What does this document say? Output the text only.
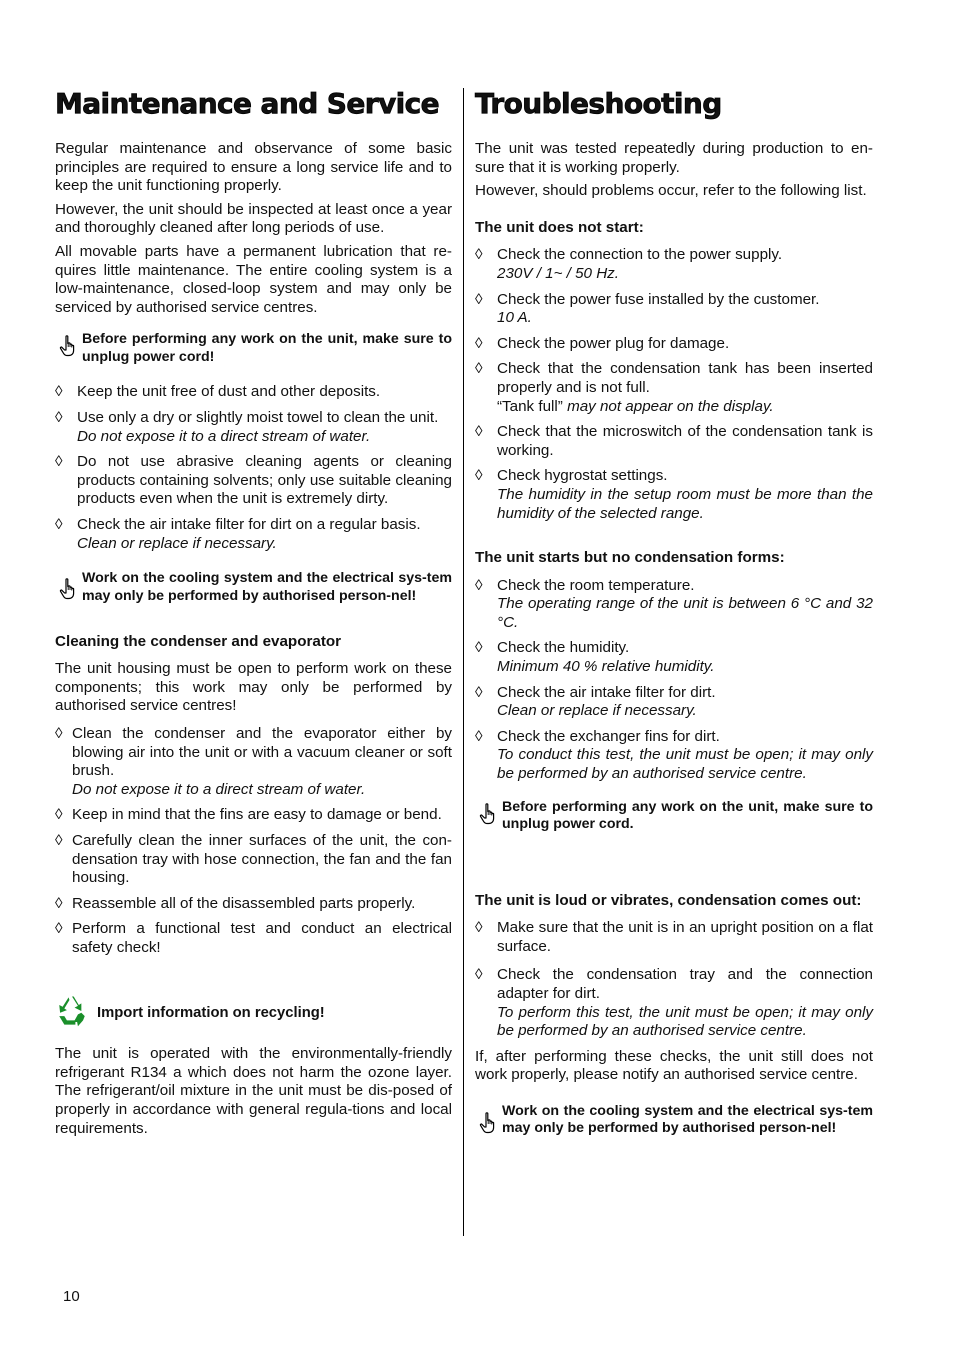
Maintenance and Service

Regular maintenance and observance of some basic principles are required to ensure a long service life and to keep the unit functioning properly.

However, the unit should be inspected at least once a year and thoroughly cleaned after long periods of use.

All movable parts have a permanent lubrication that re-quires little maintenance. The entire cooling system is a low-maintenance, closed-loop system and may only be serviced by authorised service centres.

Before performing any work on the unit, make sure to unplug power cord!
◊ Keep the unit free of dust and other deposits.
◊ Use only a dry or slightly moist towel to clean the unit.
Do not expose it to a direct stream of water.
◊ Do not use abrasive cleaning agents or cleaning products containing solvents; only use suitable cleaning products even when the unit is extremely dirty.
◊ Check the air intake filter for dirt on a regular basis.
Clean or replace if necessary.
Work on the cooling system and the electrical sys-tem may only be performed by authorised person-nel!
Cleaning the condenser and evaporator

The unit housing must be open to perform work on these components; this work may only be performed by authorised service centres!

◊ Clean the condenser and the evaporator either by blowing air into the unit or with a vacuum cleaner or soft brush.
Do not expose it to a direct stream of water.
◊ Keep in mind that the fins are easy to damage or bend.
◊ Carefully clean the inner surfaces of the unit, the con-densation tray with hose connection, the fan and the fan housing.
◊ Reassemble all of the disassembled parts properly.
◊ Perform a functional test and conduct an electrical safety check!
Import information on recycling!

The unit is operated with the environmentally-friendly refrigerant R134 a which does not harm the ozone layer. The refrigerant/oil mixture in the unit must be dis-posed of properly in accordance with general regula-tions and local requirements.

Troubleshooting

The unit was tested repeatedly during production to en-sure that it is working properly.

However, should problems occur, refer to the following list.

The unit does not start:
◊ Check the connection to the power supply.
230V / 1~ / 50 Hz.
◊ Check the power fuse installed by the customer.
10 A.
◊ Check the power plug for damage.
◊ Check that the condensation tank has been inserted properly and is not full.
“Tank full” may not appear on the display.
◊ Check that the microswitch of the condensation tank is working.
◊ Check hygrostat settings.
The humidity in the setup room must be more than the humidity of the selected range.
The unit starts but no condensation forms:
◊ Check the room temperature.
The operating range of the unit is between 6 °C and 32 °C.
◊ Check the humidity.
Minimum 40 % relative humidity.
◊ Check the air intake filter for dirt.
Clean or replace if necessary.
◊ Check the exchanger fins for dirt.
To conduct this test, the unit must be open; it may only be performed by an authorised service centre.
Before performing any work on the unit, make sure to unplug power cord.
The unit is loud or vibrates, condensation comes out:
◊ Make sure that the unit is in an upright position on a flat surface.
◊ Check the condensation tray and the connection adapter for dirt.
To perform this test, the unit must be open; it may only be performed by an authorised service centre.

If, after performing these checks, the unit still does not work properly, please notify an authorised service centre.

Work on the cooling system and the electrical sys-tem may only be performed by authorised person-nel!
10
